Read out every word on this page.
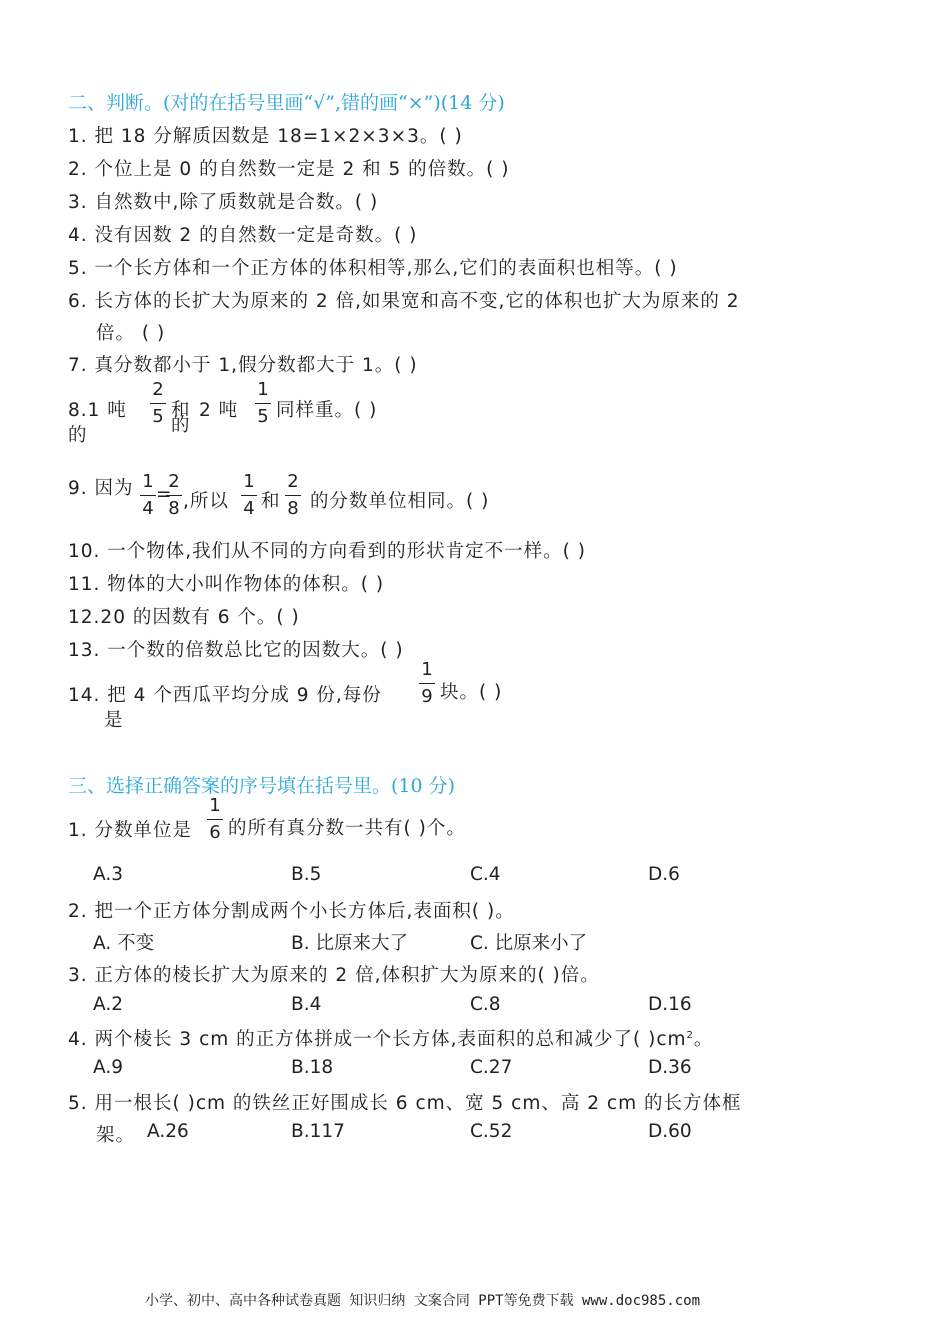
二、判断。(对的在括号里画“√”,错的画“×”)(14 分)
1. 把 18 分解质因数是 18=1×2×3×3。( )
2. 个位上是 0 的自然数一定是 2 和 5 的倍数。( )
3. 自然数中,除了质数就是合数。( )
4. 没有因数 2 的自然数一定是奇数。( )
5. 一个长方体和一个正方体的体积相等,那么,它们的表面积也相等。( )
6. 长方体的长扩大为原来的 2 倍,如果宽和高不变,它的体积也扩大为原来的 2
倍。 ( )
7. 真分数都小于 1,假分数都大于 1。( )
8.1 吨
的
2
5 和
的
2 吨
1
5 同样重。( )
9. 因为 1
4
=
2
8 ,所以
1
4 和
2
8 的分数单位相同。( )
10. 一个物体,我们从不同的方向看到的形状肯定不一样。( )
11. 物体的大小叫作物体的体积。( )
12.20 的因数有 6 个。( )
13. 一个数的倍数总比它的因数大。( )
14. 把 4 个西瓜平均分成 9 份,每份
是
1
9 块。( )
三、选择正确答案的序号填在括号里。(10 分)
1. 分数单位是
1
6 的所有真分数一共有( )个。
A.3	B.5	C.4	D.6
2. 把一个正方体分割成两个小长方体后,表面积( )。
A. 不变	B. 比原来大了	C. 比原来小了
3. 正方体的棱长扩大为原来的 2 倍,体积扩大为原来的( )倍。
A.2	B.4	C.8	D.16
4. 两个棱长 3 cm 的正方体拼成一个长方体,表面积的总和减少了( )$cm^2$。
A.9	B.18	C.27	D.36
5. 用一根长( )cm 的铁丝正好围成长 6 cm、宽 5 cm、高 2 cm 的长方体框
架。 A.26	B.117	C.52	D.60
小学、初中、高中各种试卷真题 知识归纳 文案合同 PPT等免费下载 www.doc985.com
